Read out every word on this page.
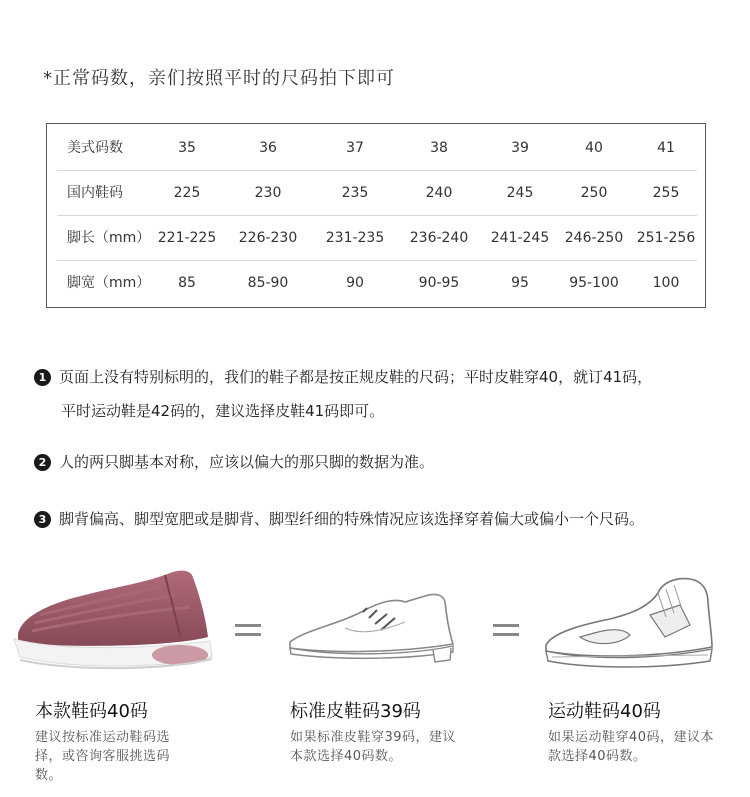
*正常码数，亲们按照平时的尺码拍下即可
美式码数	35	36	37	38	39	40	41
国内鞋码	225	230	235	240	245	250	255
脚长（mm） 221-225 226-230 231-235 236-240 241-245 246-250 251-256
脚宽（mm） 85	85-90	90	90-95	95	95-100 100
1 页面上没有特别标明的，我们的鞋子都是按正规皮鞋的尺码；平时皮鞋穿40，就订41码，
平时运动鞋是42码的，建议选择皮鞋41码即可。
2 人的两只脚基本对称，应该以偏大的那只脚的数据为准。
3 脚背偏高、脚型宽肥或是脚背、脚型纤细的特殊情况应该选择穿着偏大或偏小一个尺码。
本款鞋码40码
建议按标准运动鞋码选择，或咨询客服挑选码数。
标准皮鞋码39码
如果标准皮鞋穿39码，建议本款选择40码数。
运动鞋码40码
如果运动鞋穿40码，建议本款选择40码数。
